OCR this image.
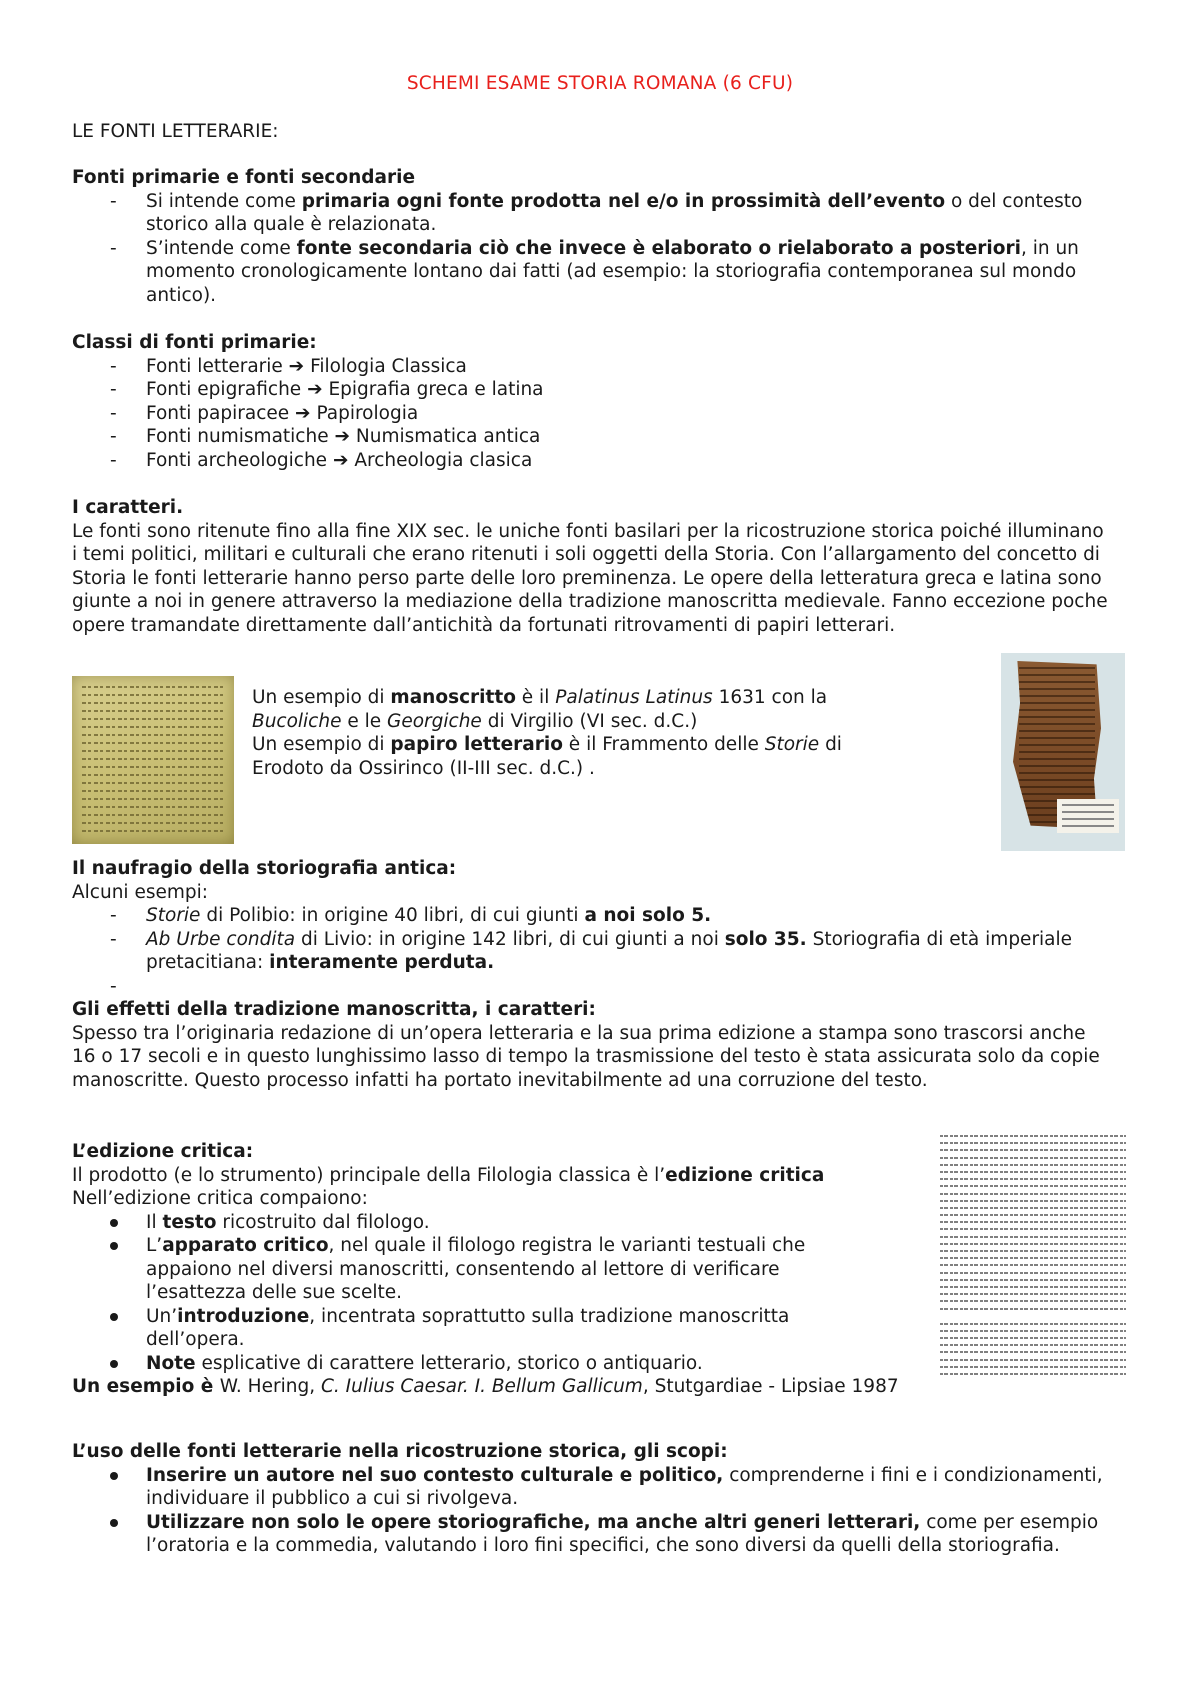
SCHEMI ESAME STORIA ROMANA (6 CFU)

LE FONTI LETTERARIE:

Fonti primarie e fonti secondarie

- Si intende come primaria ogni fonte prodotta nel e/o in prossimità dell’evento o del contesto storico alla quale è relazionata.
- S’intende come fonte secondaria ciò che invece è elaborato o rielaborato a posteriori, in un momento cronologicamente lontano dai fatti (ad esempio: la storiografia contemporanea sul mondo antico).

Classi di fonti primarie:

- Fonti letterarie ➔ Filologia Classica
- Fonti epigrafiche ➔ Epigrafia greca e latina
- Fonti papiracee ➔ Papirologia
- Fonti numismatiche ➔ Numismatica antica
- Fonti archeologiche ➔ Archeologia clasica

I caratteri.

Le fonti sono ritenute fino alla fine XIX sec. le uniche fonti basilari per la ricostruzione storica poiché illuminano i temi politici, militari e culturali che erano ritenuti i soli oggetti della Storia. Con l’allargamento del concetto di Storia le fonti letterarie hanno perso parte delle loro preminenza. Le opere della letteratura greca e latina sono giunte a noi in genere attraverso la mediazione della tradizione manoscritta medievale. Fanno eccezione poche opere tramandate direttamente dall’antichità da fortunati ritrovamenti di papiri letterari.

Un esempio di manoscritto è il Palatinus Latinus 1631 con la Bucoliche e le Georgiche di Virgilio (VI sec. d.C.)

Un esempio di papiro letterario è il Frammento delle Storie di Erodoto da Ossirinco (II-III sec. d.C.) .

Il naufragio della storiografia antica:

Alcuni esempi:

- Storie di Polibio: in origine 40 libri, di cui giunti a noi solo 5.
- Ab Urbe condita di Livio: in origine 142 libri, di cui giunti a noi solo 35. Storiografia di età imperiale pretacitiana: interamente perduta.
-

Gli effetti della tradizione manoscritta, i caratteri:

Spesso tra l’originaria redazione di un’opera letteraria e la sua prima edizione a stampa sono trascorsi anche 16 o 17 secoli e in questo lunghissimo lasso di tempo la trasmissione del testo è stata assicurata solo da copie manoscritte. Questo processo infatti ha portato inevitabilmente ad una corruzione del testo.

L’edizione critica:

Il prodotto (e lo strumento) principale della Filologia classica è l’edizione critica

Nell’edizione critica compaiono:

Il testo ricostruito dal filologo.
L’apparato critico, nel quale il filologo registra le varianti testuali che appaiono nel diversi manoscritti, consentendo al lettore di verificare l’esattezza delle sue scelte.
Un’introduzione, incentrata soprattutto sulla tradizione manoscritta dell’opera.
Note esplicative di carattere letterario, storico o antiquario.

Un esempio è W. Hering, C. Iulius Caesar. I. Bellum Gallicum, Stutgardiae - Lipsiae 1987

L’uso delle fonti letterarie nella ricostruzione storica, gli scopi:

Inserire un autore nel suo contesto culturale e politico, comprenderne i fini e i condizionamenti, individuare il pubblico a cui si rivolgeva.
Utilizzare non solo le opere storiografiche, ma anche altri generi letterari, come per esempio l’oratoria e la commedia, valutando i loro fini specifici, che sono diversi da quelli della storiografia.
